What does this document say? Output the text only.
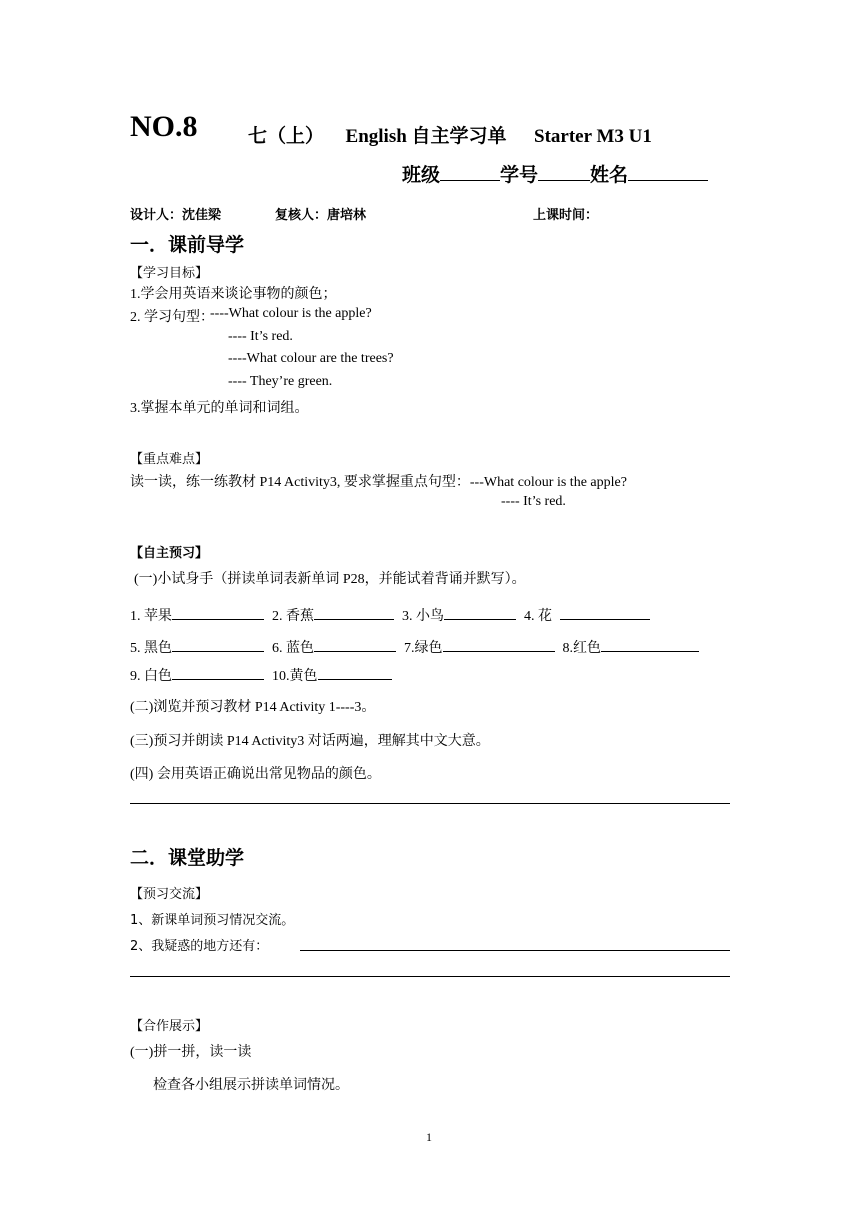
NO.8	七（上） English 自主学习单 Starter M3 U1
班级	学号	姓名
设计人：沈佳梁	复核人：唐培林	上课时间：
一．课前导学
【学习目标】
1.学会用英语来谈论事物的颜色；
2. 学习句型：
----What colour is the apple?
---- It’s red.
----What colour are the trees?
---- They’re green.
3.掌握本单元的单词和词组。
【重点难点】
读一读，练一练教材 P14 Activity3, 要求掌握重点句型：---What colour is the apple?
---- It’s red.
【自主预习】
(一)小试身手（拼读单词表新单词 P28，并能试着背诵并默写）。
1. 苹果	2. 香蕉	3. 小鸟	4. 花
5. 黑色	6. 蓝色	7.绿色	8.红色
9. 白色	10.黄色
(二)浏览并预习教材 P14 Activity 1----3。
(三)预习并朗读 P14 Activity3 对话两遍，理解其中文大意。
(四) 会用英语正确说出常见物品的颜色。
二．课堂助学
【预习交流】
1、新课单词预习情况交流。
2、我疑惑的地方还有：
【合作展示】
(一)拼一拼，读一读
检查各小组展示拼读单词情况。
1
